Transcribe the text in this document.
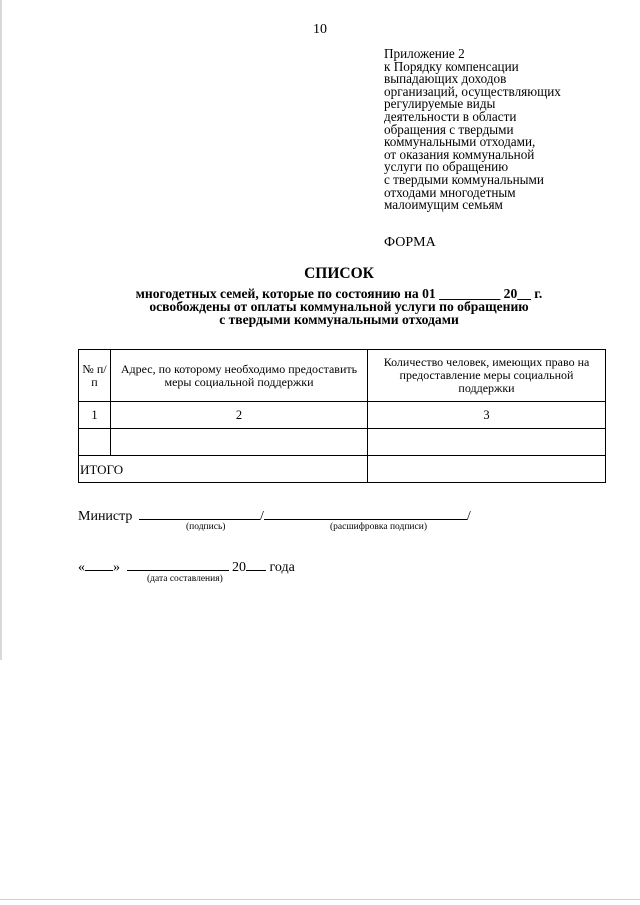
10
Приложение 2
к Порядку компенсации
выпадающих доходов
организаций, осуществляющих
регулируемые виды
деятельности в области
обращения с твердыми
коммунальными отходами,
от оказания коммунальной
услуги по обращению
с твердыми коммунальными
отходами многодетным
малоимущим семьям
ФОРМА
СПИСОК
многодетных семей, которые по состоянию на 01 _________ 20__ г.
освобождены от оплаты коммунальной услуги по обращению
с твердыми коммунальными отходами
№ п/п	Адрес, по которому необходимо предоставить меры социальной поддержки	Количество человек, имеющих право на предоставление меры социальной поддержки
1	2	3

ИТОГО		
Министр	/	/
(подпись)	(расшифровка подписи)
« »	20 года
(дата составления)
